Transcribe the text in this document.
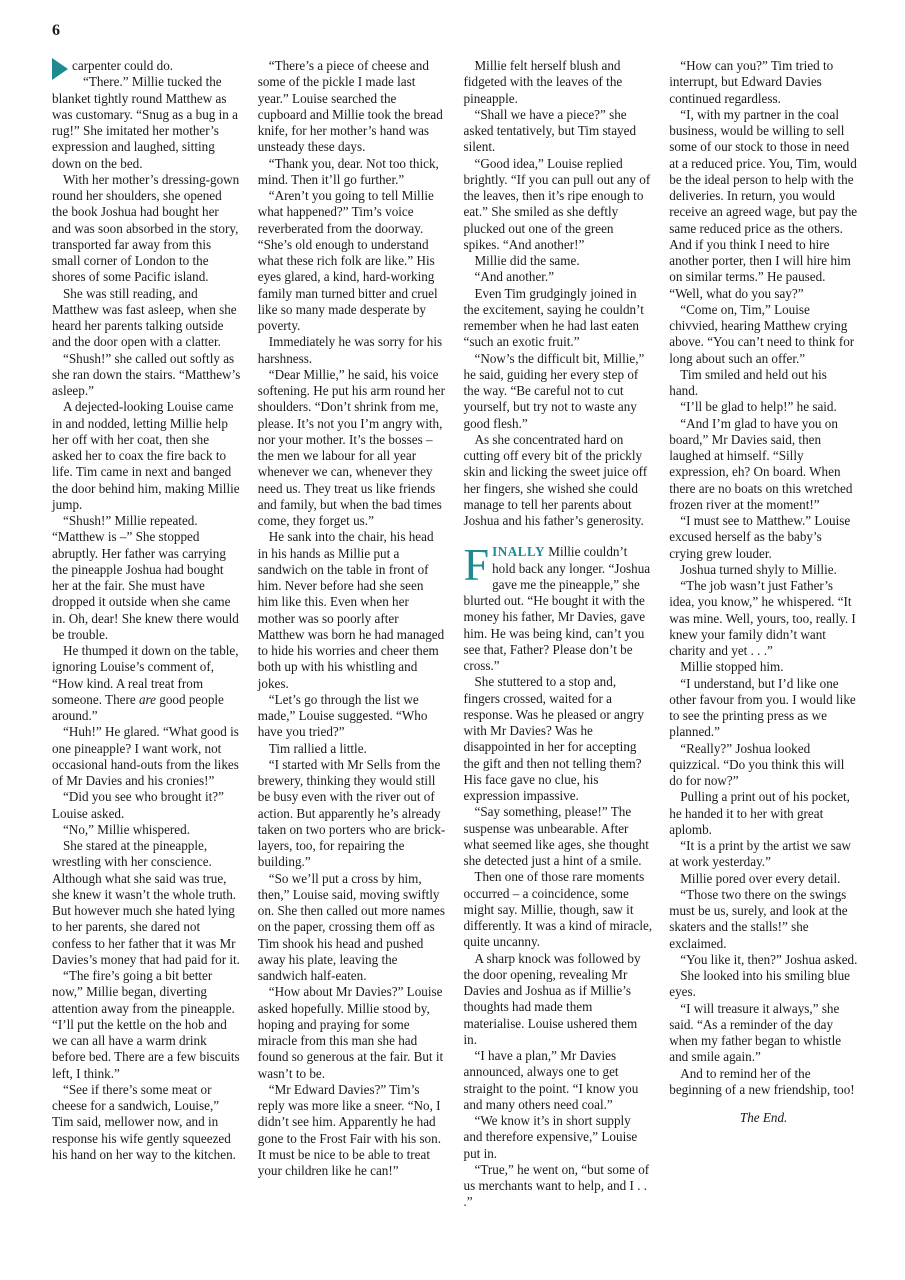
6

carpenter could do.

“There.” Millie tucked the blanket tightly round Matthew as was customary. “Snug as a bug in a rug!” She imitated her mother’s expression and laughed, sitting down on the bed.

With her mother’s dressing-gown round her shoulders, she opened the book Joshua had bought her and was soon absorbed in the story, transported far away from this small corner of London to the shores of some Pacific island.

She was still reading, and Matthew was fast asleep, when she heard her parents talking outside and the door open with a clatter.

“Shush!” she called out softly as she ran down the stairs. “Matthew’s asleep.”

A dejected-looking Louise came in and nodded, letting Millie help her off with her coat, then she asked her to coax the fire back to life. Tim came in next and banged the door behind him, making Millie jump.

“Shush!” Millie repeated. “Matthew is –” She stopped abruptly. Her father was carrying the pineapple Joshua had bought her at the fair. She must have dropped it outside when she came in. Oh, dear! She knew there would be trouble.

He thumped it down on the table, ignoring Louise’s comment of, “How kind. A real treat from someone. There are good people around.”

“Huh!” He glared. “What good is one pineapple? I want work, not occasional hand-outs from the likes of Mr Davies and his cronies!”

“Did you see who brought it?” Louise asked.

“No,” Millie whispered.

She stared at the pineapple, wrestling with her conscience. Although what she said was true, she knew it wasn’t the whole truth. But however much she hated lying to her parents, she dared not confess to her father that it was Mr Davies’s money that had paid for it.

“The fire’s going a bit better now,” Millie began, diverting attention away from the pineapple. “I’ll put the kettle on the hob and we can all have a warm drink before bed. There are a few biscuits left, I think.”

“See if there’s some meat or cheese for a sandwich, Louise,” Tim said, mellower now, and in response his wife gently squeezed his hand on her way to the kitchen.

“There’s a piece of cheese and some of the pickle I made last year.” Louise searched the cupboard and Millie took the bread knife, for her mother’s hand was unsteady these days.

“Thank you, dear. Not too thick, mind. Then it’ll go further.”

“Aren’t you going to tell Millie what happened?” Tim’s voice reverberated from the doorway. “She’s old enough to understand what these rich folk are like.” His eyes glared, a kind, hard-working family man turned bitter and cruel like so many made desperate by poverty.

Immediately he was sorry for his harshness.

“Dear Millie,” he said, his voice softening. He put his arm round her shoulders. “Don’t shrink from me, please. It’s not you I’m angry with, nor your mother. It’s the bosses – the men we labour for all year whenever we can, whenever they need us. They treat us like friends and family, but when the bad times come, they forget us.”

He sank into the chair, his head in his hands as Millie put a sandwich on the table in front of him. Never before had she seen him like this. Even when her mother was so poorly after Matthew was born he had managed to hide his worries and cheer them both up with his whistling and jokes.

“Let’s go through the list we made,” Louise suggested. “Who have you tried?”

Tim rallied a little.

“I started with Mr Sells from the brewery, thinking they would still be busy even with the river out of action. But apparently he’s already taken on two porters who are brick-layers, too, for repairing the building.”

“So we’ll put a cross by him, then,” Louise said, moving swiftly on. She then called out more names on the paper, crossing them off as Tim shook his head and pushed away his plate, leaving the sandwich half-eaten.

“How about Mr Davies?” Louise asked hopefully. Millie stood by, hoping and praying for some miracle from this man she had found so generous at the fair. But it wasn’t to be.

“Mr Edward Davies?” Tim’s reply was more like a sneer. “No, I didn’t see him. Apparently he had gone to the Frost Fair with his son. It must be nice to be able to treat your children like he can!”

Millie felt herself blush and fidgeted with the leaves of the pineapple.

“Shall we have a piece?” she asked tentatively, but Tim stayed silent.

“Good idea,” Louise replied brightly. “If you can pull out any of the leaves, then it’s ripe enough to eat.” She smiled as she deftly plucked out one of the green spikes. “And another!”

Millie did the same.

“And another.”

Even Tim grudgingly joined in the excitement, saying he couldn’t remember when he had last eaten “such an exotic fruit.”

“Now’s the difficult bit, Millie,” he said, guiding her every step of the way. “Be careful not to cut yourself, but try not to waste any good flesh.”

As she concentrated hard on cutting off every bit of the prickly skin and licking the sweet juice off her fingers, she wished she could manage to tell her parents about Joshua and his father’s generosity.

FINALLY Millie couldn’t hold back any longer. “Joshua gave me the pineapple,” she blurted out. “He bought it with the money his father, Mr Davies, gave him. He was being kind, can’t you see that, Father? Please don’t be cross.”

She stuttered to a stop and, fingers crossed, waited for a response. Was he pleased or angry with Mr Davies? Was he disappointed in her for accepting the gift and then not telling them? His face gave no clue, his expression impassive.

“Say something, please!” The suspense was unbearable. After what seemed like ages, she thought she detected just a hint of a smile.

Then one of those rare moments occurred – a coincidence, some might say. Millie, though, saw it differently. It was a kind of miracle, quite uncanny.

A sharp knock was followed by the door opening, revealing Mr Davies and Joshua as if Millie’s thoughts had made them materialise. Louise ushered them in.

“I have a plan,” Mr Davies announced, always one to get straight to the point. “I know you and many others need coal.”

“We know it’s in short supply and therefore expensive,” Louise put in.

“True,” he went on, “but some of us merchants want to help, and I . . .”

“How can you?” Tim tried to interrupt, but Edward Davies continued regardless.

“I, with my partner in the coal business, would be willing to sell some of our stock to those in need at a reduced price. You, Tim, would be the ideal person to help with the deliveries. In return, you would receive an agreed wage, but pay the same reduced price as the others. And if you think I need to hire another porter, then I will hire him on similar terms.” He paused. “Well, what do you say?”

“Come on, Tim,” Louise chivvied, hearing Matthew crying above. “You can’t need to think for long about such an offer.”

Tim smiled and held out his hand.

“I’ll be glad to help!” he said.

“And I’m glad to have you on board,” Mr Davies said, then laughed at himself. “Silly expression, eh? On board. When there are no boats on this wretched frozen river at the moment!”

“I must see to Matthew.” Louise excused herself as the baby’s crying grew louder.

Joshua turned shyly to Millie.

“The job wasn’t just Father’s idea, you know,” he whispered. “It was mine. Well, yours, too, really. I knew your family didn’t want charity and yet . . .”

Millie stopped him.

“I understand, but I’d like one other favour from you. I would like to see the printing press as we planned.”

“Really?” Joshua looked quizzical. “Do you think this will do for now?”

Pulling a print out of his pocket, he handed it to her with great aplomb.

“It is a print by the artist we saw at work yesterday.”

Millie pored over every detail.

“Those two there on the swings must be us, surely, and look at the skaters and the stalls!” she exclaimed.

“You like it, then?” Joshua asked.

She looked into his smiling blue eyes.

“I will treasure it always,” she said. “As a reminder of the day when my father began to whistle and smile again.”

And to remind her of the beginning of a new friendship, too!

The End.
